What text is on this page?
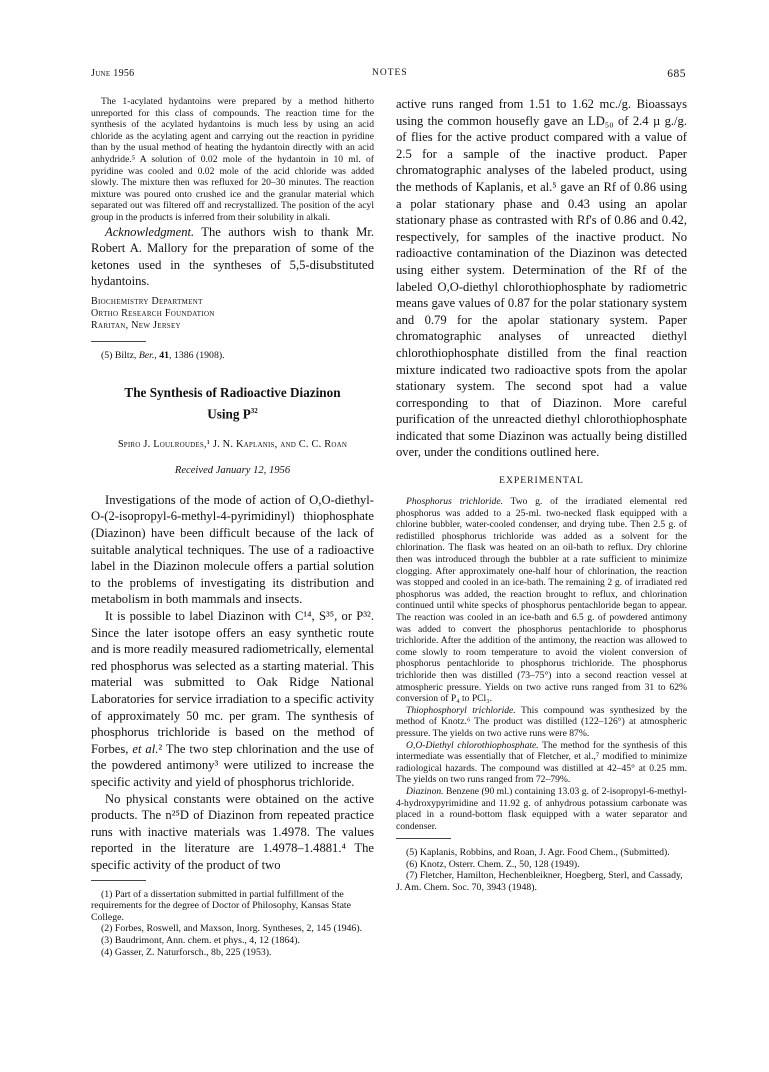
June 1956	NOTES	685

The 1-acylated hydantoins were prepared by a method hitherto unreported for this class of compounds. The reaction time for the synthesis of the acylated hydantoins is much less by using an acid chloride as the acylating agent and carrying out the reaction in pyridine than by the usual method of heating the hydantoin directly with an acid anhydride.⁵ A solution of 0.02 mole of the hydantoin in 10 ml. of pyridine was cooled and 0.02 mole of the acid chloride was added slowly. The mixture then was refluxed for 20–30 minutes. The reaction mixture was poured onto crushed ice and the granular material which separated out was filtered off and recrystallized. The position of the acyl group in the products is inferred from their solubility in alkali.

Acknowledgment. The authors wish to thank Mr. Robert A. Mallory for the preparation of some of the ketones used in the syntheses of 5,5-disubstituted hydantoins.

Biochemistry Department
Ortho Research Foundation
Raritan, New Jersey

(5) Biltz, Ber., 41, 1386 (1908).

The Synthesis of Radioactive Diazinon
Using $P^{32}$
Spiro J. Loulroudes,¹ J. N. Kaplanis, and C. C. Roan
Received January 12, 1956

Investigations of the mode of action of O,O-diethyl-O-(2-isopropyl-6-methyl-4-pyrimidinyl) thiophosphate (Diazinon) have been difficult because of the lack of suitable analytical techniques. The use of a radioactive label in the Diazinon molecule offers a partial solution to the problems of investigating its distribution and metabolism in both mammals and insects.

It is possible to label Diazinon with C¹⁴, S³⁵, or P³². Since the later isotope offers an easy synthetic route and is more readily measured radiometrically, elemental red phosphorus was selected as a starting material. This material was submitted to Oak Ridge National Laboratories for service irradiation to a specific activity of approximately 50 mc. per gram. The synthesis of phosphorus trichloride is based on the method of Forbes, et al.² The two step chlorination and the use of the powdered antimony³ were utilized to increase the specific activity and yield of phosphorus trichloride.

No physical constants were obtained on the active products. The n²⁵D of Diazinon from repeated practice runs with inactive materials was 1.4978. The values reported in the literature are 1.4978–1.4881.⁴ The specific activity of the product of two

(1) Part of a dissertation submitted in partial fulfillment of the requirements for the degree of Doctor of Philosophy, Kansas State College.

(2) Forbes, Roswell, and Maxson, Inorg. Syntheses, 2, 145 (1946).

(3) Baudrimont, Ann. chem. et phys., 4, 12 (1864).

(4) Gasser, Z. Naturforsch., 8b, 225 (1953).

active runs ranged from 1.51 to 1.62 mc./g. Bioassays using the common housefly gave an LD₅₀ of 2.4 µ g./g. of flies for the active product compared with a value of 2.5 for a sample of the inactive product. Paper chromatographic analyses of the labeled product, using the methods of Kaplanis, et al.⁵ gave an Rf of 0.86 using a polar stationary phase and 0.43 using an apolar stationary phase as contrasted with Rf's of 0.86 and 0.42, respectively, for samples of the inactive product. No radioactive contamination of the Diazinon was detected using either system. Determination of the Rf of the labeled O,O-diethyl chlorothiophosphate by radiometric means gave values of 0.87 for the polar stationary system and 0.79 for the apolar stationary system. Paper chromatographic analyses of unreacted diethyl chlorothiophosphate distilled from the final reaction mixture indicated two radioactive spots from the apolar stationary system. The second spot had a value corresponding to that of Diazinon. More careful purification of the unreacted diethyl chlorothiophosphate indicated that some Diazinon was actually being distilled over, under the conditions outlined here.

EXPERIMENTAL

Phosphorus trichloride. Two g. of the irradiated elemental red phosphorus was added to a 25-ml. two-necked flask equipped with a chlorine bubbler, water-cooled condenser, and drying tube. Then 2.5 g. of redistilled phosphorus trichloride was added as a solvent for the chlorination. The flask was heated on an oil-bath to reflux. Dry chlorine then was introduced through the bubbler at a rate sufficient to minimize clogging. After approximately one-half hour of chlorination, the reaction was stopped and cooled in an ice-bath. The remaining 2 g. of irradiated red phosphorus was added, the reaction brought to reflux, and chlorination continued until white specks of phosphorus pentachloride began to appear. The reaction was cooled in an ice-bath and 6.5 g. of powdered antimony was added to convert the phosphorus pentachloride to phosphorus trichloride. After the addition of the antimony, the reaction was allowed to come slowly to room temperature to avoid the violent conversion of phosphorus pentachloride to phosphorus trichloride. The phosphorus trichloride then was distilled (73–75°) into a second reaction vessel at atmospheric pressure. Yields on two active runs ranged from 31 to 62% conversion of P₄ to PCl₃.

Thiophosphoryl trichloride. This compound was synthesized by the method of Knotz.⁶ The product was distilled (122–126°) at atmospheric pressure. The yields on two active runs were 87%.

O,O-Diethyl chlorothiophosphate. The method for the synthesis of this intermediate was essentially that of Fletcher, et al.,⁷ modified to minimize radiological hazards. The compound was distilled at 42–45° at 0.25 mm. The yields on two runs ranged from 72–79%.

Diazinon. Benzene (90 ml.) containing 13.03 g. of 2-isopropyl-6-methyl-4-hydroxypyrimidine and 11.92 g. of anhydrous potassium carbonate was placed in a round-bottom flask equipped with a water separator and condenser.

(5) Kaplanis, Robbins, and Roan, J. Agr. Food Chem., (Submitted).

(6) Knotz, Osterr. Chem. Z., 50, 128 (1949).

(7) Fletcher, Hamilton, Hechenbleikner, Hoegberg, Sterl, and Cassady, J. Am. Chem. Soc. 70, 3943 (1948).
